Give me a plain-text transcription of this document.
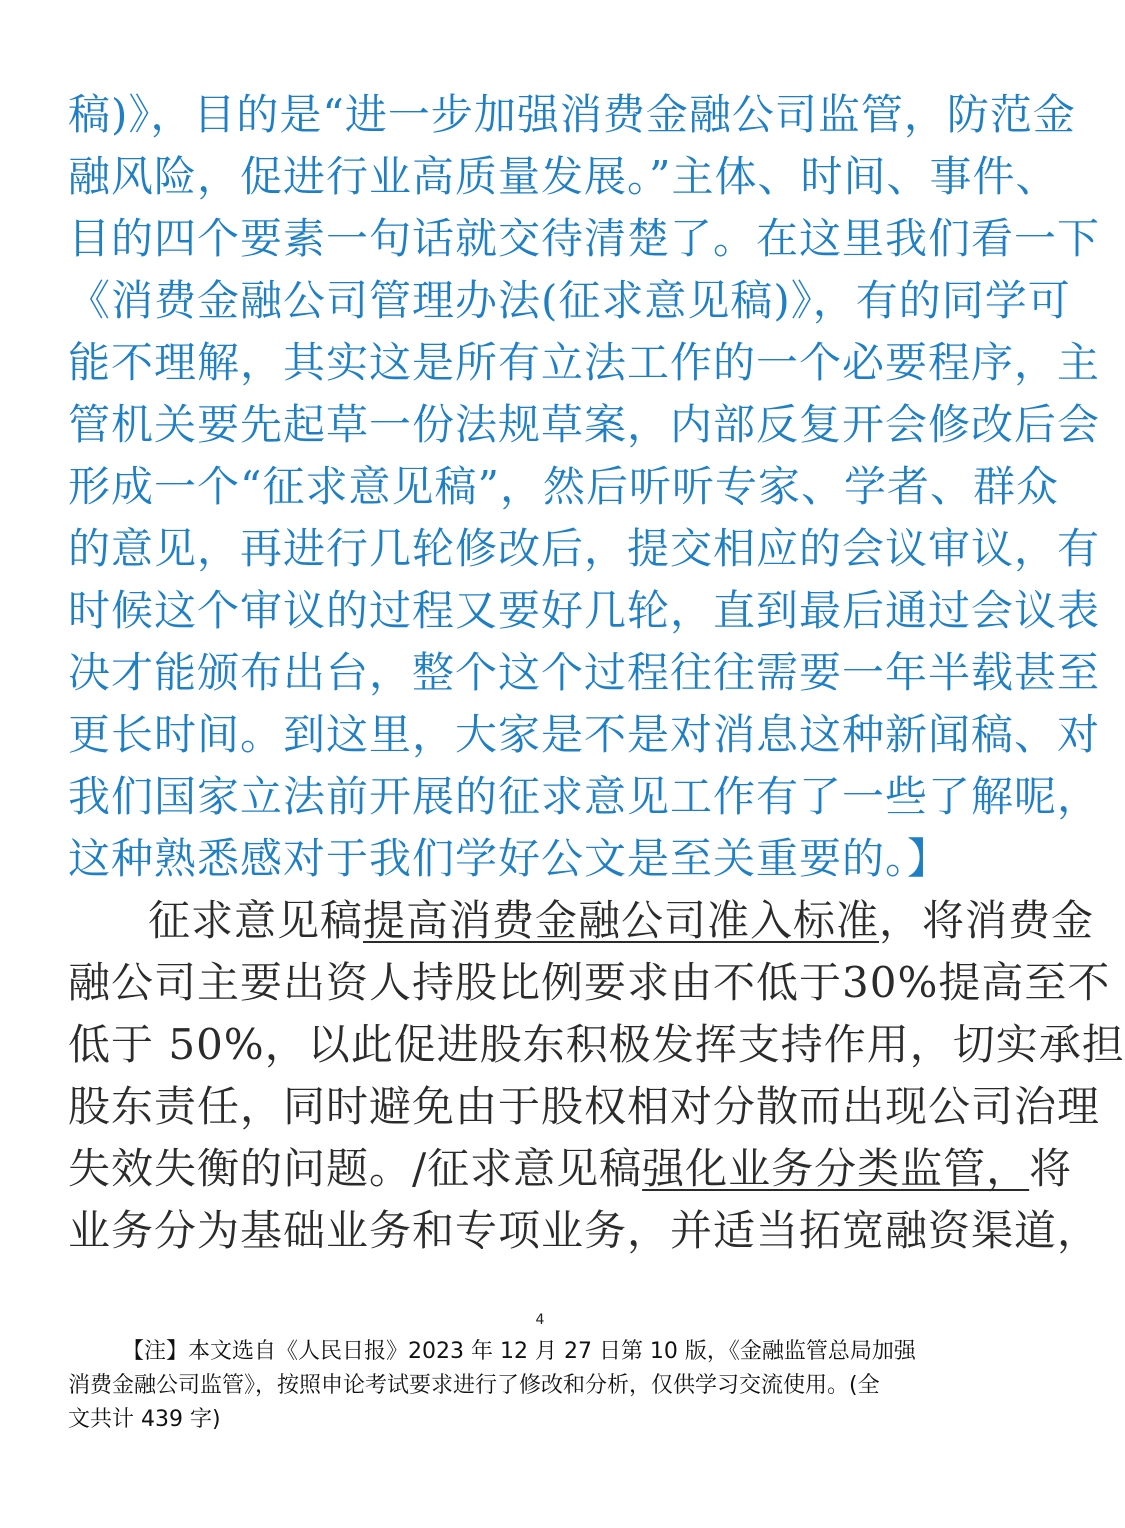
稿)》，目的是“进一步加强消费金融公司监管，防范金
融风险，促进行业高质量发展。”主体、时间、事件、
目的四个要素一句话就交待清楚了。在这里我们看一下
《消费金融公司管理办法(征求意见稿)》，有的同学可
能不理解，其实这是所有立法工作的一个必要程序，主
管机关要先起草一份法规草案，内部反复开会修改后会
形成一个“征求意见稿”，然后听听专家、学者、群众
的意见，再进行几轮修改后，提交相应的会议审议，有
时候这个审议的过程又要好几轮，直到最后通过会议表
决才能颁布出台，整个这个过程往往需要一年半载甚至
更长时间。到这里，大家是不是对消息这种新闻稿、对
我们国家立法前开展的征求意见工作有了一些了解呢，
这种熟悉感对于我们学好公文是至关重要的。】
征求意见稿提高消费金融公司准入标准，将消费金
融公司主要出资人持股比例要求由不低于30%提高至不
低于 50%，以此促进股东积极发挥支持作用，切实承担
股东责任，同时避免由于股权相对分散而出现公司治理
失效失衡的问题。/征求意见稿强化业务分类监管，将
业务分为基础业务和专项业务，并适当拓宽融资渠道，
4
【注】本文选自《人民日报》2023 年 12 月 27 日第 10 版，《金融监管总局加强
消费金融公司监管》，按照申论考试要求进行了修改和分析，仅供学习交流使用。(全
文共计 439 字)
